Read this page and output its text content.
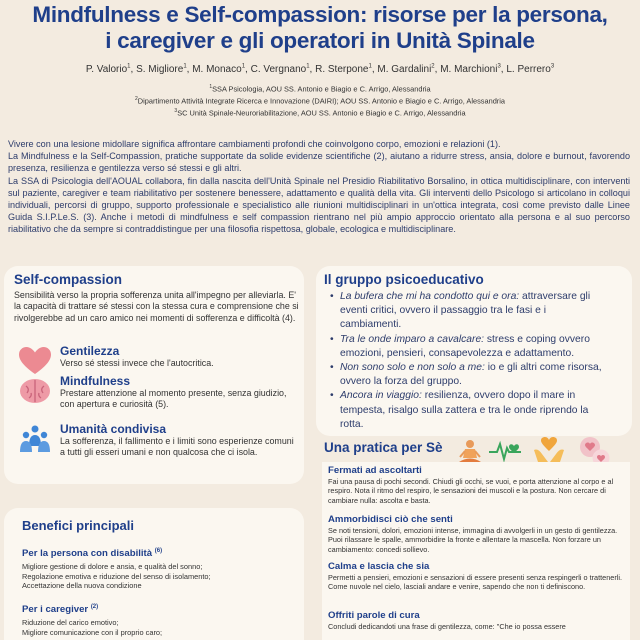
Mindfulness e Self-compassion: risorse per la persona,
i caregiver e gli operatori in Unità Spinale
P. Valorio$^1$, S. Migliore$^1$, M. Monaco$^1$, C. Vergnano$^1$, R. Sterpone$^1$, M. Gardalini$^2$, M. Marchioni$^3$, L. Perrero$^3$
$^1$SSA Psicologia, AOU SS. Antonio e Biagio e C. Arrigo, Alessandria
$^2$Dipartimento Attività Integrate Ricerca e Innovazione (DAIRI); AOU SS. Antonio e Biagio e C. Arrigo, Alessandria
$^3$SC Unità Spinale-Neuroriabilitazione, AOU SS. Antonio e Biagio e C. Arrigo, Alessandria

Vivere con una lesione midollare significa affrontare cambiamenti profondi che coinvolgono corpo, emozioni e relazioni (1).

La Mindfulness e la Self-Compassion, pratiche supportate da solide evidenze scientifiche (2), aiutano a ridurre stress, ansia, dolore e burnout, favorendo presenza, resilienza e gentilezza verso sé stessi e gli altri.

La SSA di Psicologia dell'AOUAL collabora, fin dalla nascita dell'Unità Spinale nel Presidio Riabilitativo Borsalino, in ottica multidisciplinare, con interventi sul paziente, caregiver e team riabilitativo per sostenere benessere, adattamento e qualità della vita. Gli interventi dello Psicologo si articolano in colloqui individuali, percorsi di gruppo, supporto professionale e specialistico alle riunioni multidisciplinari in un'ottica integrata, così come previsto dalle Linee Guida S.I.P.Le.S. (3). Anche i metodi di mindfulness e self compassion rientrano nel più ampio approccio orientato alla persona e al suo percorso riabilitativo che da sempre si contraddistingue per una filosofia rispettosa, globale, ecologica e multidisciplinare.

Self-compassion
Sensibilità verso la propria sofferenza unita all'impegno per alleviarla. E' la capacità di trattare sé stessi con la stessa cura e comprensione che si rivolgerebbe ad un caro amico nei momenti di sofferenza e difficoltà (4).
Gentilezza
Verso sé stessi invece che l'autocritica.
Mindfulness
Prestare attenzione al momento presente, senza giudizio, con apertura e curiosità (5).
Umanità condivisa
La sofferenza, il fallimento e i limiti sono esperienze comuni a tutti gli esseri umani e non qualcosa che ci isola.
Benefici principali
Per la persona con disabilità $^{(6)}$
Migliore gestione di dolore e ansia, e qualità del sonno;
Regolazione emotiva e riduzione del senso di isolamento;
Accettazione della nuova condizione
Per i caregiver $^{(2)}$
Riduzione del carico emotivo;
Migliore comunicazione con il proprio caro;
Il gruppo psicoeducativo
• La bufera che mi ha condotto qui e ora: attraversare gli eventi critici, ovvero il passaggio tra le fasi e i cambiamenti.
• Tra le onde imparo a cavalcare: stress e coping ovvero emozioni, pensieri, consapevolezza e adattamento.
• Non sono solo e non solo a me: io e gli altri come risorsa, ovvero la forza del gruppo.
• Ancora in viaggio: resilienza, ovvero dopo il mare in tempesta, risalgo sulla zattera e tra le onde riprendo la rotta.
Una pratica per Sè
Fermati ad ascoltarti
Fai una pausa di pochi secondi. Chiudi gli occhi, se vuoi, e porta attenzione al corpo e al respiro. Nota il ritmo del respiro, le sensazioni dei muscoli e la postura. Non cercare di cambiare nulla: ascolta e basta.
Ammorbidisci ciò che senti
Se noti tensioni, dolori, emozioni intense, immagina di avvolgerli in un gesto di gentilezza. Puoi rilassare le spalle, ammorbidire la fronte e allentare la mascella. Non forzare un cambiamento: concedi sollievo.
Calma e lascia che sia
Permetti a pensieri, emozioni e sensazioni di essere presenti senza respingerli o trattenerli. Come nuvole nel cielo, lasciali andare e venire, sapendo che non ti definiscono.
Offriti parole di cura
Concludi dedicandoti una frase di gentilezza, come: "Che io possa essere
